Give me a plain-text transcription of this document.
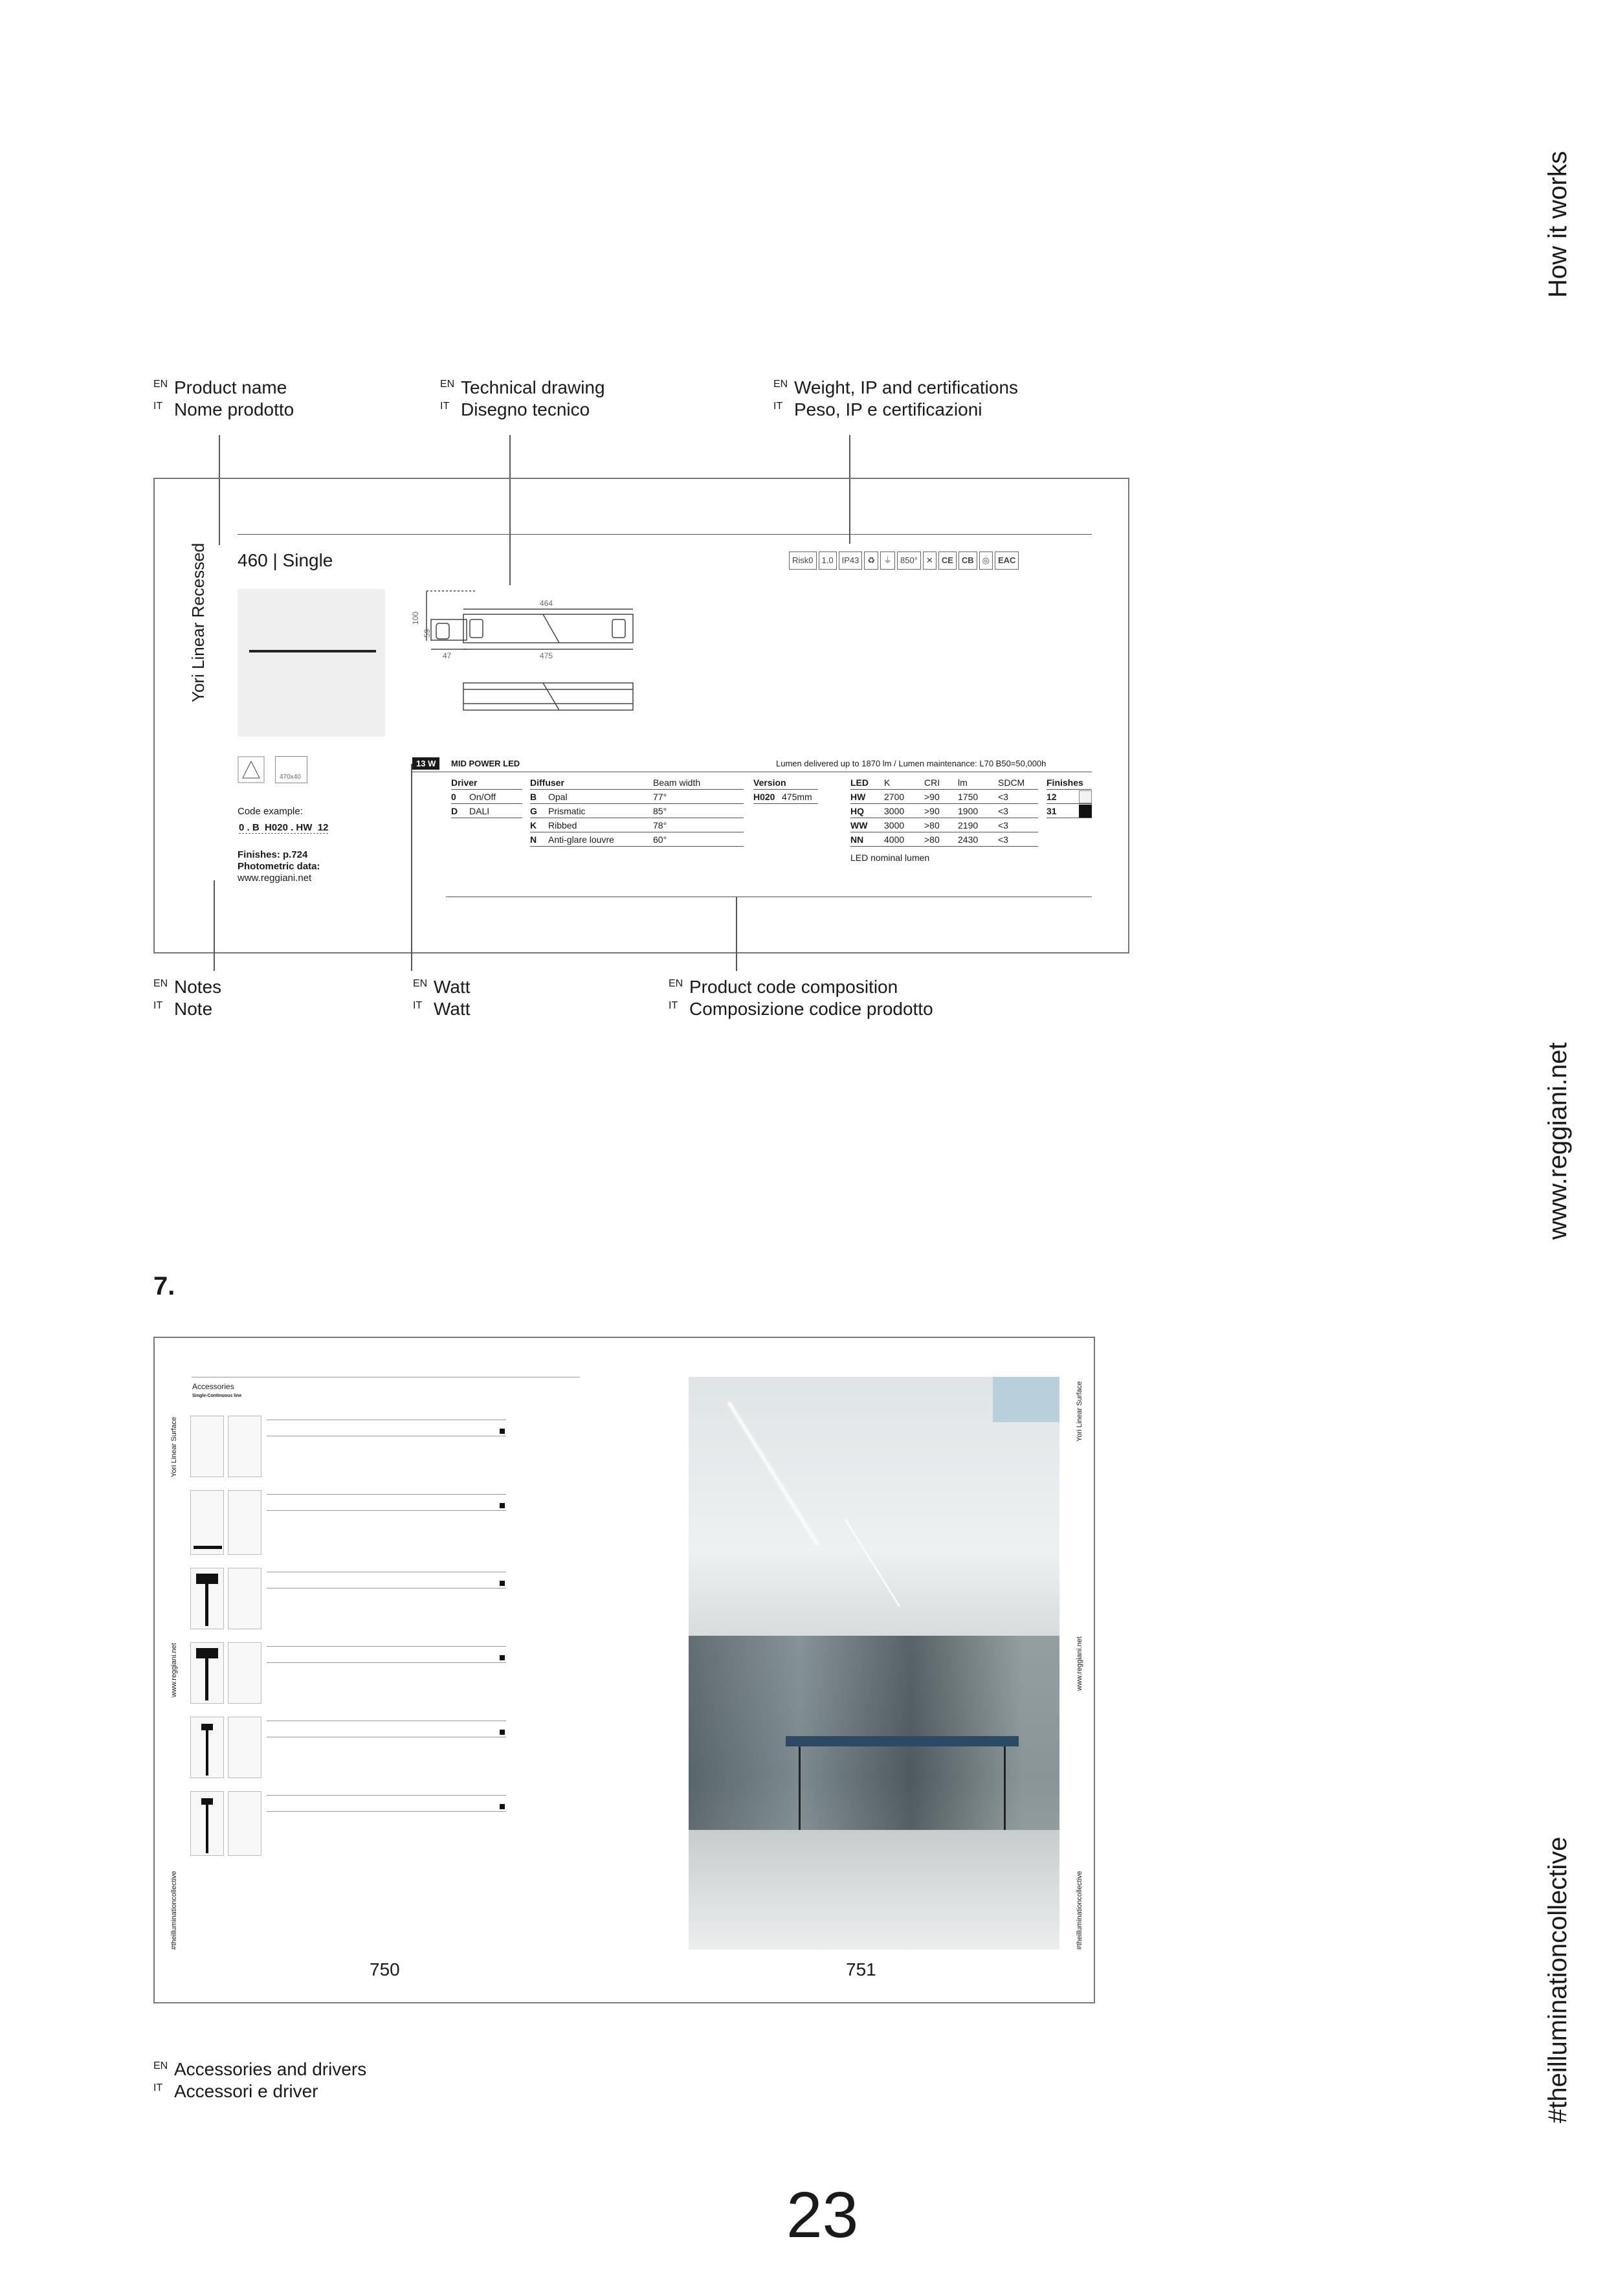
How it works
www.reggiani.net
#theilluminationcollective
EN Product name
IT Nome prodotto
EN Technical drawing
IT Disegno tecnico
EN Weight, IP and certifications
IT Peso, IP e certificazioni
Yori Linear Recessed 460 | Single	Risk0 1.0 IP43 ♻ ⏚ 850° ✕ CE CB ◎ EAC
464
475
47
100
59
470x40
Code example:
0 . B H020 . HW 12
Finishes: p.724
Photometric data:
www.reggiani.net
13 W	MID POWER LED	Lumen delivered up to 1870 lm / Lumen maintenance: L70 B50=50,000h
Driver
0 On/Off
D DALI
Diffuser	Beam width
B Opal	77°
G Prismatic	85°
K Ribbed	78°
N Anti-glare louvre	60°
Version
H020 475mm
LED K	CRI lm	SDCM
HW 2700 >90 1750 <3
HQ 3000 >90 1900 <3
WW 3000 >80 2190 <3
NN 4000 >80 2430 <3
LED nominal lumen
Finishes
12
31
EN Notes
IT Note
EN Watt
IT Watt
EN Product code composition
IT Composizione codice prodotto
7.
Yori Linear Surface
www.reggiani.net
#theilluminationcollective
Accessories
Single-Continuous line	Yori Linear Surface
www.reggiani.net
#theilluminationcollective
750	751
EN Accessories and drivers
IT Accessori e driver
23
